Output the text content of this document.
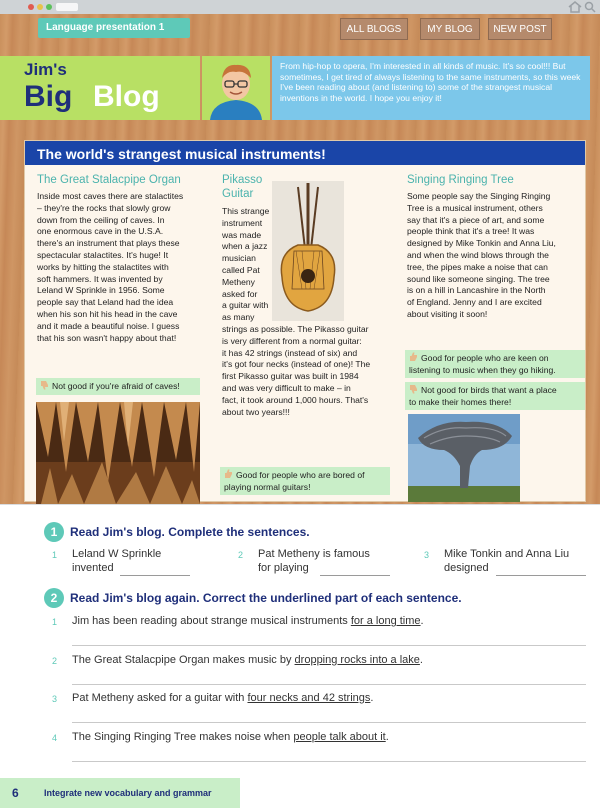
Language presentation 1	ALL BLOGS	MY BLOG	NEW POST
Jim's
Big Blog
From hip-hop to opera, I'm interested in all kinds of music. It's so cool!!! But sometimes, I get tired of always listening to the same instruments, so this week I've been reading about (and listening to) some of the strangest musical inventions in the world. I hope you enjoy it!
The world's strangest musical instruments!
The Great Stalacpipe Organ
Inside most caves there are stalactites
– they're the rocks that slowly grow
down from the ceiling of caves. In
one enormous cave in the U.S.A.
there's an instrument that plays these
spectacular stalactites. It's huge! It
works by hitting the stalactites with
soft hammers. It was invented by
Leland W Sprinkle in 1956. Some
people say that Leland had the idea
when his son hit his head in the cave
and it made a beautiful noise. I guess
that his son wasn't happy about that!
Not good if you're afraid of caves!
Pikasso
Guitar
This strange
instrument
was made
when a jazz
musician
called Pat
Metheny
asked for
a guitar with
as many
strings as possible. The Pikasso guitar
is very different from a normal guitar:
it has 42 strings (instead of six) and
it's got four necks (instead of one)! The
first Pikasso guitar was built in 1984
and was very difficult to make – in
fact, it took around 1,000 hours. That's
about two years!!!
Good for people who are bored of
playing normal guitars!
Singing Ringing Tree
Some people say the Singing Ringing
Tree is a musical instrument, others
say that it's a piece of art, and some
people think that it's a tree! It was
designed by Mike Tonkin and Anna Liu,
and when the wind blows through the
tree, the pipes make a noise that can
sound like someone singing. The tree
is on a hill in Lancashire in the North
of England. Jenny and I are excited
about visiting it soon!
Good for people who are keen on
listening to music when they go hiking.
Not good for birds that want a place
to make their homes there!
1 Read Jim's blog. Complete the sentences.
1 Leland W Sprinkle
invented
2 Pat Metheny is famous
for playing
3 Mike Tonkin and Anna Liu
designed
2 Read Jim's blog again. Correct the underlined part of each sentence.
1 Jim has been reading about strange musical instruments for a long time.
2 The Great Stalacpipe Organ makes music by dropping rocks into a lake.
3 Pat Metheny asked for a guitar with four necks and 42 strings.
4 The Singing Ringing Tree makes noise when people talk about it.
6	Integrate new vocabulary and grammar
